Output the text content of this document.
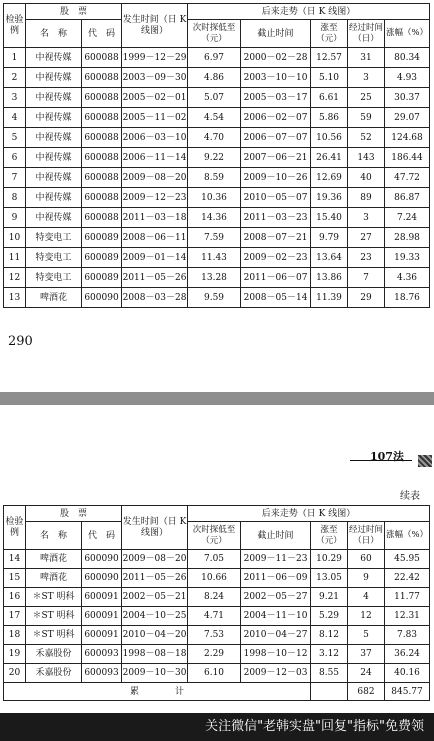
检验例	股　票		发生时间（日 K 线图）	后来走势（日 K 线图）				
	名　称	代　码		次时探低至（元）	截止时间	涨至（元）	经过时间（日）	涨幅（%）
1	中视传媒	600088	1999－12－29	6.97	2000－02－28	12.57	31	80.34
2	中视传媒	600088	2003－09－30	4.86	2003－10－10	5.10	3	4.93
3	中视传媒	600088	2005－02－01	5.07	2005－03－17	6.61	25	30.37
4	中视传媒	600088	2005－11－02	4.54	2006－02－07	5.86	59	29.07
5	中视传媒	600088	2006－03－10	4.70	2006－07－07	10.56	52	124.68
6	中视传媒	600088	2006－11－14	9.22	2007－06－21	26.41	143	186.44
7	中视传媒	600088	2009－08－20	8.59	2009－10－26	12.69	40	47.72
8	中视传媒	600088	2009－12－23	10.36	2010－05－07	19.36	89	86.87
9	中视传媒	600088	2011－03－18	14.36	2011－03－23	15.40	3	7.24
10	特变电工	600089	2008－06－11	7.59	2008－07－21	9.79	27	28.98
11	特变电工	600089	2009－01－14	11.43	2009－02－23	13.64	23	19.33
12	特变电工	600089	2011－05－26	13.28	2011－06－07	13.86	7	4.36
13	啤酒花	600090	2008－03－28	9.59	2008－05－14	11.39	29	18.76
290
107法
续表
检验例	股　票		发生时间（日 K 线图）	后来走势（日 K 线图）				
	名　称	代　码		次时探低至（元）	截止时间	涨至（元）	经过时间（日）	涨幅（%）
14	啤酒花	600090	2009－08－20	7.05	2009－11－23	10.29	60	45.95
15	啤酒花	600090	2011－05－26	10.66	2011－06－09	13.05	9	22.42
16	＊ST 明科	600091	2002－05－21	8.24	2002－05－27	9.21	4	11.77
17	＊ST 明科	600091	2004－10－25	4.71	2004－11－10	5.29	12	12.31
18	＊ST 明科	600091	2010－04－20	7.53	2010－04－27	8.12	5	7.83
19	禾嘉股份	600093	1998－08－18	2.29	1998－10－12	3.12	37	36.24
20	禾嘉股份	600093	2009－10－30	6.10	2009－12－03	8.55	24	40.16
累　　　　计							682	845.77
关注微信"老韩实盘"回复"指标"免费领
